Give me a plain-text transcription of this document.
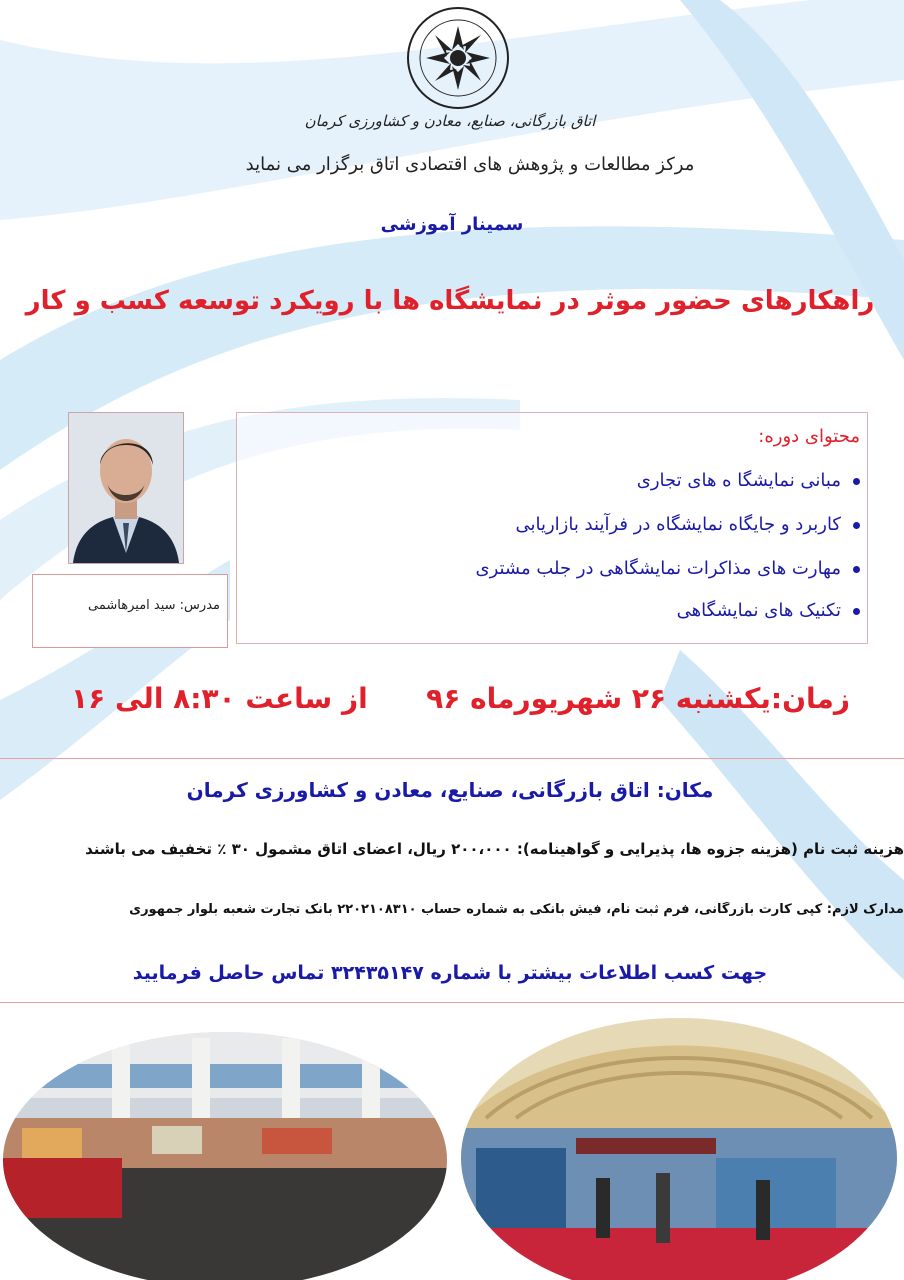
اتاق بازرگانی، صنایع، معادن و کشاورزی کرمان
مرکز مطالعات و پژوهش های اقتصادی اتاق برگزار می نماید
سمینار آموزشی
راهکارهای حضور موثر در نمایشگاه ها با رویکرد توسعه کسب و کار
مدرس: سید امیرهاشمی
محتوای دوره:
مبانی نمایشگا ه های تجاری
کاربرد و جایگاه نمایشگاه در فرآیند بازاریابی
مهارت های مذاکرات نمایشگاهی در جلب مشتری
تکنیک های نمایشگاهی
زمان:یکشنبه ۲۶ شهریورماه ۹۶      از ساعت ۸:۳۰ الی ۱۶
مکان: اتاق بازرگانی، صنایع، معادن و کشاورزی کرمان
هزینه ثبت نام (هزینه جزوه ها، پذیرایی و گواهینامه): ۲۰۰،۰۰۰ ریال، اعضای اتاق مشمول ۳۰ ٪ تخفیف می باشند
مدارک لازم: کپی کارت بازرگانی، فرم ثبت نام، فیش بانکی به شماره حساب ۲۲۰۲۱۰۸۳۱۰ بانک تجارت شعبه بلوار جمهوری
جهت کسب اطلاعات بیشتر با شماره ۳۲۴۳۵۱۴۷ تماس حاصل فرمایید
